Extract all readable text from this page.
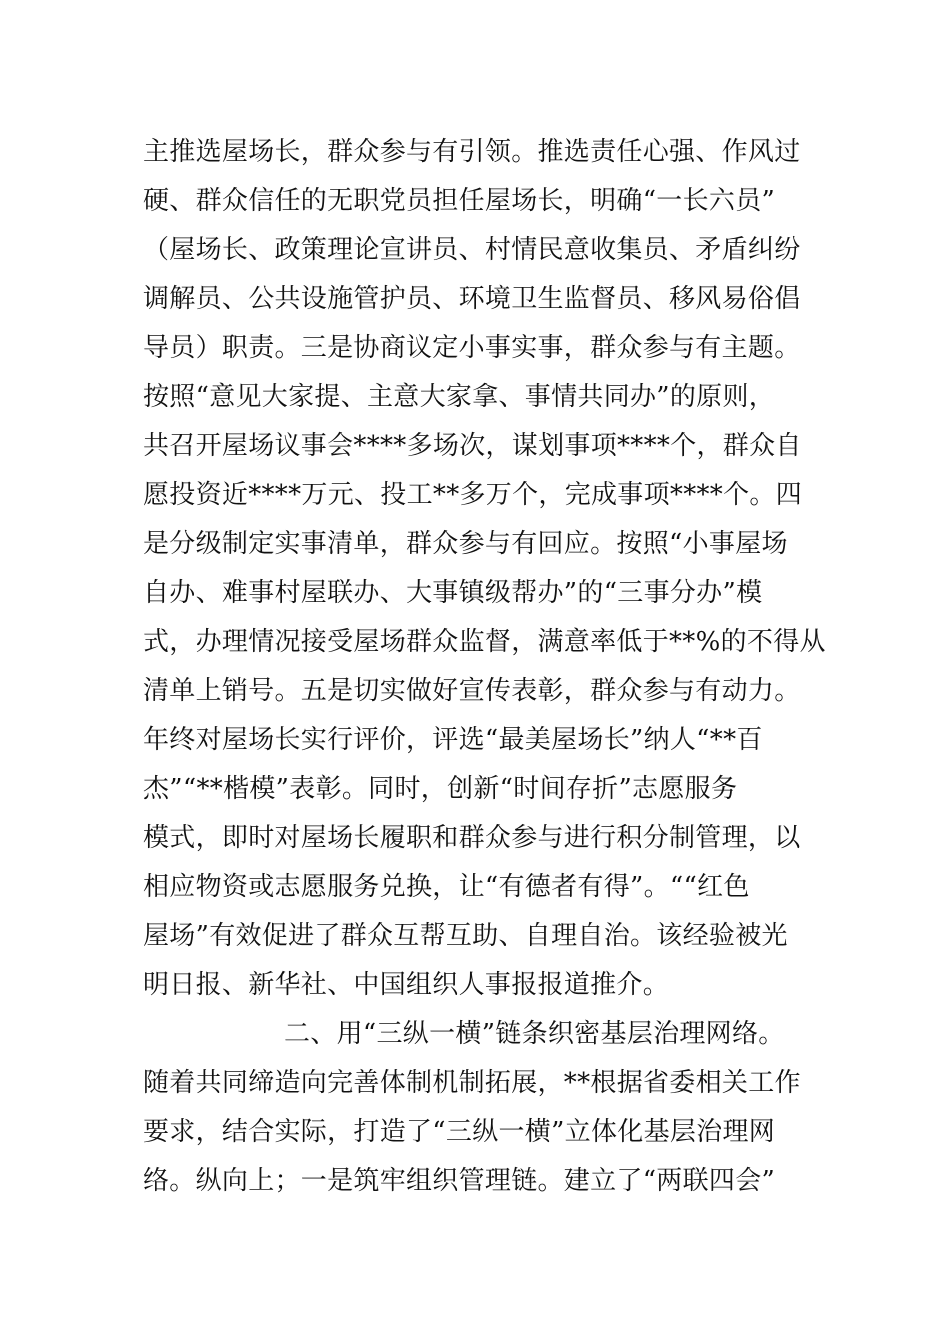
主推选屋场长，群众参与有引领。推选责任心强、作风过
硬、群众信任的无职党员担任屋场长，明确“一长六员”
（屋场长、政策理论宣讲员、村情民意收集员、矛盾纠纷
调解员、公共设施管护员、环境卫生监督员、移风易俗倡
导员）职责。三是协商议定小事实事，群众参与有主题。
按照“意见大家提、主意大家拿、事情共同办”的原则，
共召开屋场议事会****多场次，谋划事项****个，群众自
愿投资近****万元、投工**多万个，完成事项****个。四
是分级制定实事清单，群众参与有回应。按照“小事屋场
自办、难事村屋联办、大事镇级帮办”的“三事分办”模
式，办理情况接受屋场群众监督，满意率低于**%的不得从
清单上销号。五是切实做好宣传表彰，群众参与有动力。
年终对屋场长实行评价，评选“最美屋场长”纳人“**百
杰”“**楷模”表彰。同时，创新“时间存折”志愿服务
模式，即时对屋场长履职和群众参与进行积分制管理，以
相应物资或志愿服务兑换，让“有德者有得”。““红色
屋场”有效促进了群众互帮互助、自理自治。该经验被光
明日报、新华社、中国组织人事报报道推介。
二、用“三纵一横”链条织密基层治理网络。
随着共同缔造向完善体制机制拓展，**根据省委相关工作
要求，结合实际，打造了“三纵一横”立体化基层治理网
络。纵向上；一是筑牢组织管理链。建立了“两联四会”
